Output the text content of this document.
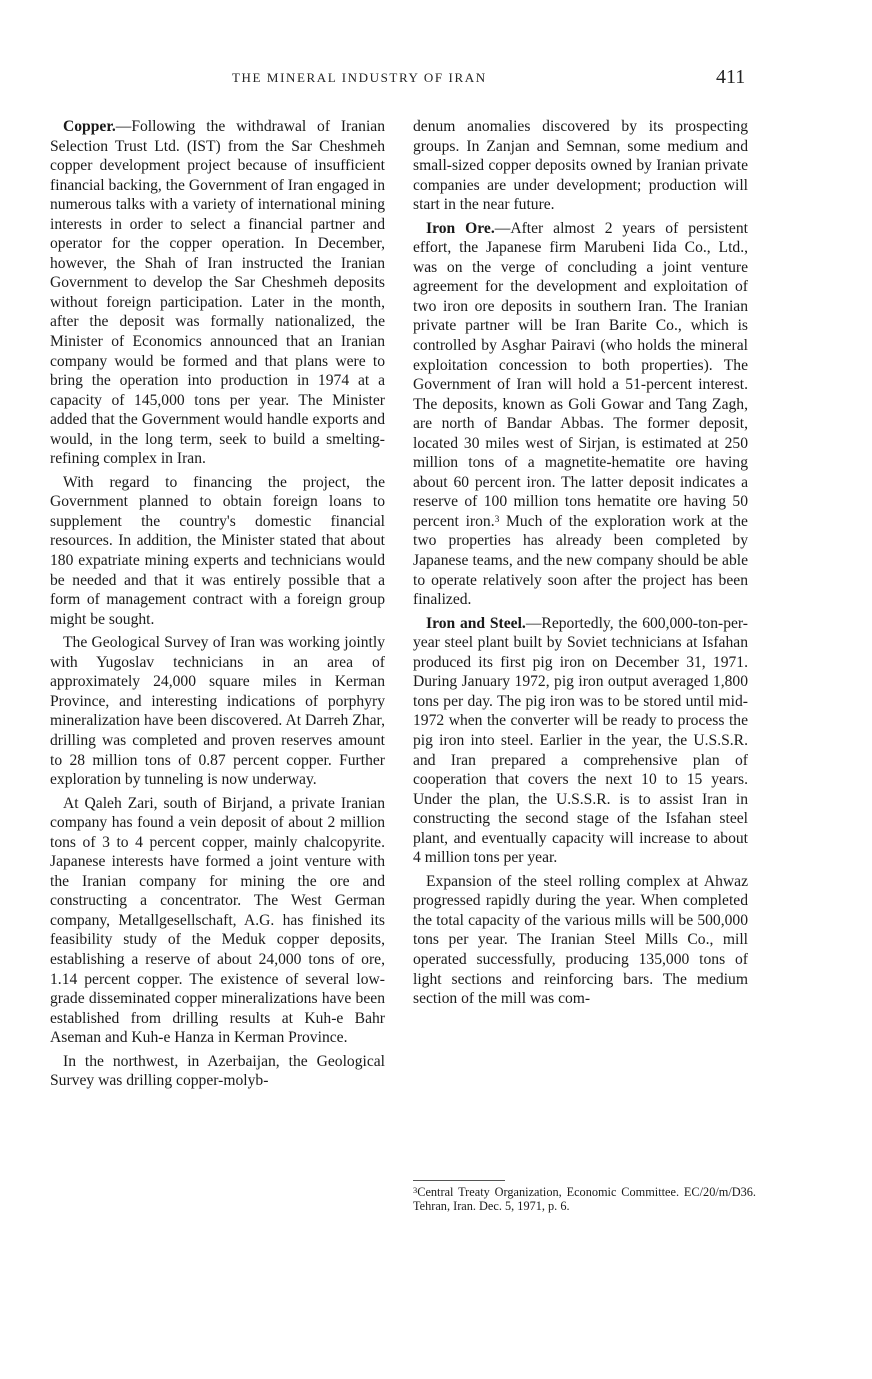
THE MINERAL INDUSTRY OF IRAN	411

Copper.—Following the withdrawal of Iranian Selection Trust Ltd. (IST) from the Sar Cheshmeh copper development project because of insufficient financial backing, the Government of Iran engaged in numerous talks with a variety of international mining interests in order to select a financial partner and operator for the copper operation. In December, however, the Shah of Iran instructed the Iranian Government to develop the Sar Cheshmeh deposits without foreign participation. Later in the month, after the deposit was formally nationalized, the Minister of Economics announced that an Iranian company would be formed and that plans were to bring the operation into production in 1974 at a capacity of 145,000 tons per year. The Minister added that the Government would handle exports and would, in the long term, seek to build a smelting-refining complex in Iran.

With regard to financing the project, the Government planned to obtain foreign loans to supplement the country's domestic financial resources. In addition, the Minister stated that about 180 expatriate mining experts and technicians would be needed and that it was entirely possible that a form of management contract with a foreign group might be sought.

The Geological Survey of Iran was working jointly with Yugoslav technicians in an area of approximately 24,000 square miles in Kerman Province, and interesting indications of porphyry mineralization have been discovered. At Darreh Zhar, drilling was completed and proven reserves amount to 28 million tons of 0.87 percent copper. Further exploration by tunneling is now underway.

At Qaleh Zari, south of Birjand, a private Iranian company has found a vein deposit of about 2 million tons of 3 to 4 percent copper, mainly chalcopyrite. Japanese interests have formed a joint venture with the Iranian company for mining the ore and constructing a concentrator. The West German company, Metallgesellschaft, A.G. has finished its feasibility study of the Meduk copper deposits, establishing a reserve of about 24,000 tons of ore, 1.14 percent copper. The existence of several low-grade disseminated copper mineralizations have been established from drilling results at Kuh-e Bahr Aseman and Kuh-e Hanza in Kerman Province.

In the northwest, in Azerbaijan, the Geological Survey was drilling copper-molyb-

denum anomalies discovered by its prospecting groups. In Zanjan and Semnan, some medium and small-sized copper deposits owned by Iranian private companies are under development; production will start in the near future.

Iron Ore.—After almost 2 years of persistent effort, the Japanese firm Marubeni Iida Co., Ltd., was on the verge of concluding a joint venture agreement for the development and exploitation of two iron ore deposits in southern Iran. The Iranian private partner will be Iran Barite Co., which is controlled by Asghar Pairavi (who holds the mineral exploitation concession to both properties). The Government of Iran will hold a 51-percent interest. The deposits, known as Goli Gowar and Tang Zagh, are north of Bandar Abbas. The former deposit, located 30 miles west of Sirjan, is estimated at 250 million tons of a magnetite-hematite ore having about 60 percent iron. The latter deposit indicates a reserve of 100 million tons hematite ore having 50 percent iron.$^3$ Much of the exploration work at the two properties has already been completed by Japanese teams, and the new company should be able to operate relatively soon after the project has been finalized.

Iron and Steel.—Reportedly, the 600,000-ton-per-year steel plant built by Soviet technicians at Isfahan produced its first pig iron on December 31, 1971. During January 1972, pig iron output averaged 1,800 tons per day. The pig iron was to be stored until mid-1972 when the converter will be ready to process the pig iron into steel. Earlier in the year, the U.S.S.R. and Iran prepared a comprehensive plan of cooperation that covers the next 10 to 15 years. Under the plan, the U.S.S.R. is to assist Iran in constructing the second stage of the Isfahan steel plant, and eventually capacity will increase to about 4 million tons per year.

Expansion of the steel rolling complex at Ahwaz progressed rapidly during the year. When completed the total capacity of the various mills will be 500,000 tons per year. The Iranian Steel Mills Co., mill operated successfully, producing 135,000 tons of light sections and reinforcing bars. The medium section of the mill was com-

$^3$Central Treaty Organization, Economic Committee. EC/20/m/D36. Tehran, Iran. Dec. 5, 1971, p. 6.
